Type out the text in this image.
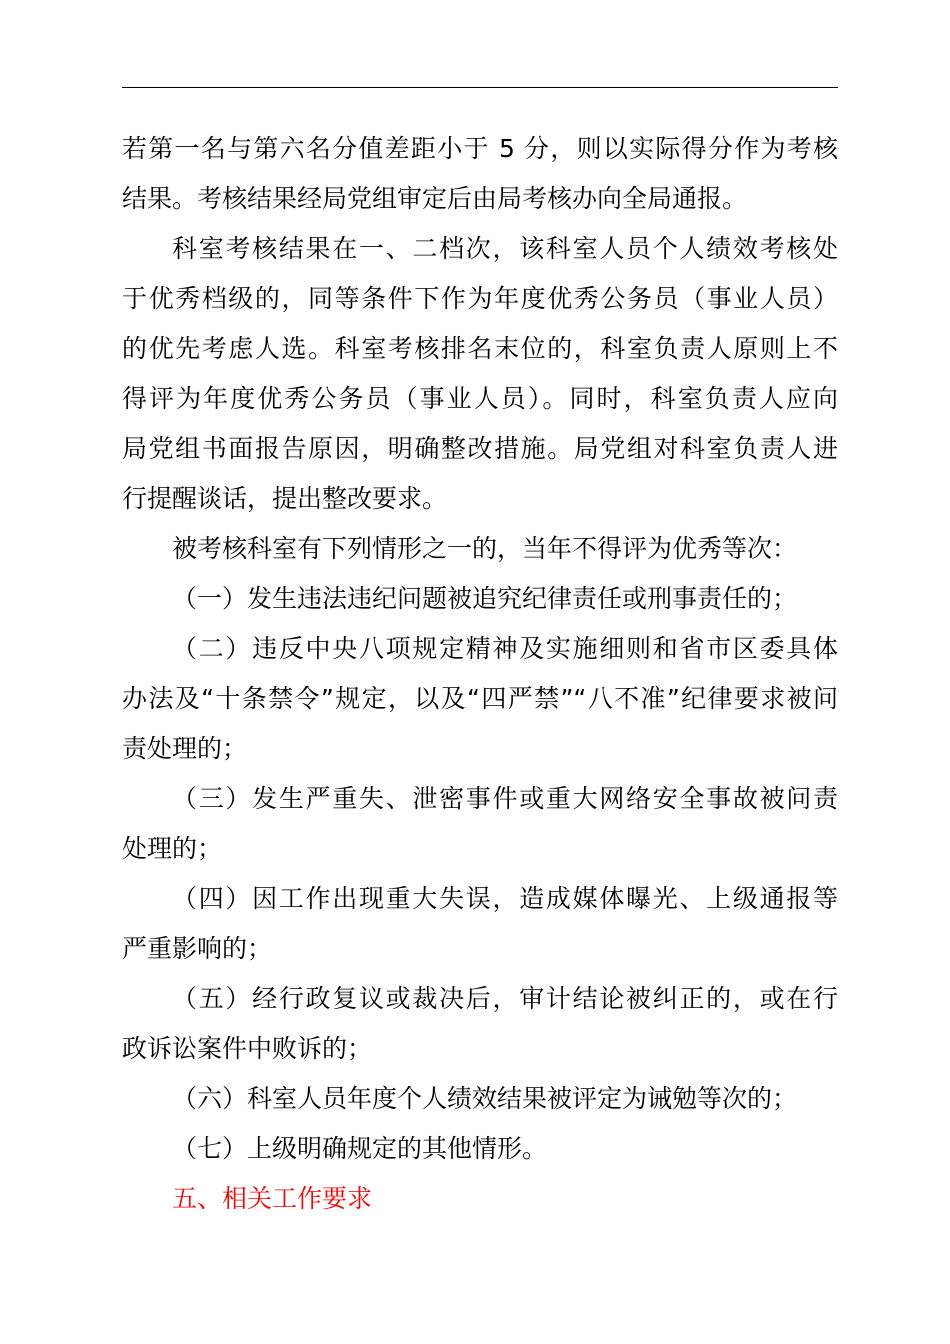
若第一名与第六名分值差距小于 5 分，则以实际得分作为考核
结果。考核结果经局党组审定后由局考核办向全局通报。
科室考核结果在一、二档次，该科室人员个人绩效考核处
于优秀档级的，同等条件下作为年度优秀公务员（事业人员）
的优先考虑人选。科室考核排名末位的，科室负责人原则上不
得评为年度优秀公务员（事业人员）。同时，科室负责人应向
局党组书面报告原因，明确整改措施。局党组对科室负责人进
行提醒谈话，提出整改要求。
被考核科室有下列情形之一的，当年不得评为优秀等次：
（一）发生违法违纪问题被追究纪律责任或刑事责任的；
（二）违反中央八项规定精神及实施细则和省市区委具体
办法及“十条禁令”规定，以及“四严禁”“八不准”纪律要求被问
责处理的；
（三）发生严重失、泄密事件或重大网络安全事故被问责
处理的；
（四）因工作出现重大失误，造成媒体曝光、上级通报等
严重影响的；
（五）经行政复议或裁决后，审计结论被纠正的，或在行
政诉讼案件中败诉的；
（六）科室人员年度个人绩效结果被评定为诫勉等次的；
（七）上级明确规定的其他情形。
五、相关工作要求
